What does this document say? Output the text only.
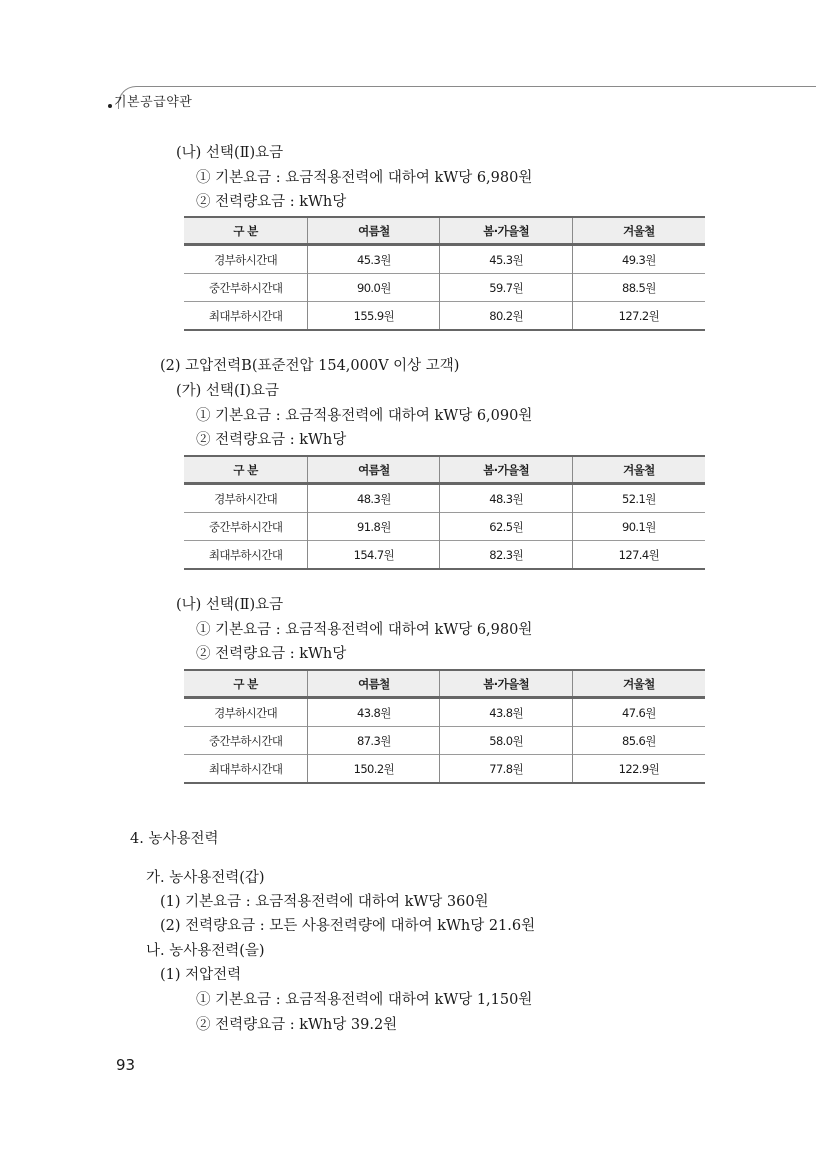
기본공급약관
(나) 선택(Ⅱ)요금
① 기본요금 : 요금적용전력에 대하여 kW당 6,980원
② 전력량요금 : kWh당
구 분	여름철	봄·가을철	겨울철
경부하시간대	45.3원	45.3원	49.3원
중간부하시간대	90.0원	59.7원	88.5원
최대부하시간대	155.9원	80.2원	127.2원
(2) 고압전력B(표준전압 154,000V 이상 고객)
(가) 선택(I)요금
① 기본요금 : 요금적용전력에 대하여 kW당 6,090원
② 전력량요금 : kWh당
구 분	여름철	봄·가을철	겨울철
경부하시간대	48.3원	48.3원	52.1원
중간부하시간대	91.8원	62.5원	90.1원
최대부하시간대	154.7원	82.3원	127.4원
(나) 선택(Ⅱ)요금
① 기본요금 : 요금적용전력에 대하여 kW당 6,980원
② 전력량요금 : kWh당
구 분	여름철	봄·가을철	겨울철
경부하시간대	43.8원	43.8원	47.6원
중간부하시간대	87.3원	58.0원	85.6원
최대부하시간대	150.2원	77.8원	122.9원
4. 농사용전력
가. 농사용전력(갑)
(1) 기본요금 : 요금적용전력에 대하여 kW당 360원
(2) 전력량요금 : 모든 사용전력량에 대하여 kWh당 21.6원
나. 농사용전력(을)
(1) 저압전력
① 기본요금 : 요금적용전력에 대하여 kW당 1,150원
② 전력량요금 : kWh당 39.2원
93
